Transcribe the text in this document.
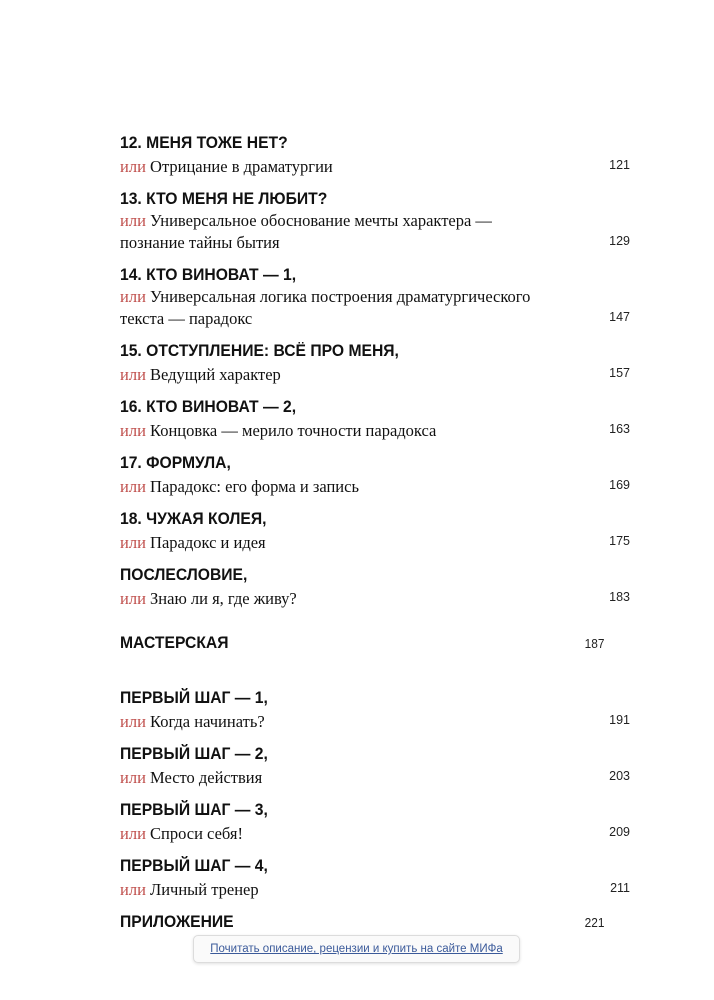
12. МЕНЯ ТОЖЕ НЕТ?
или Отрицание в драматургии	121
13. КТО МЕНЯ НЕ ЛЮБИТ?
или Универсальное обоснование мечты характера — познание тайны бытия	129
14. КТО ВИНОВАТ — 1,
или Универсальная логика построения драматургического текста — парадокс	147
15. ОТСТУПЛЕНИЕ: ВСЁ ПРО МЕНЯ,
или Ведущий характер	157
16. КТО ВИНОВАТ — 2,
или Концовка — мерило точности парадокса	163
17. ФОРМУЛА,
или Парадокс: его форма и запись	169
18. ЧУЖАЯ КОЛЕЯ,
или Парадокс и идея	175
ПОСЛЕСЛОВИЕ,
или Знаю ли я, где живу?	183
МАСТЕРСКАЯ	187
ПЕРВЫЙ ШАГ — 1,
или Когда начинать?	191
ПЕРВЫЙ ШАГ — 2,
или Место действия	203
ПЕРВЫЙ ШАГ — 3,
или Спроси себя!	209
ПЕРВЫЙ ШАГ — 4,
или Личный тренер	211
ПРИЛОЖЕНИЕ	221
Почитать описание, рецензии и купить на сайте МИФа
